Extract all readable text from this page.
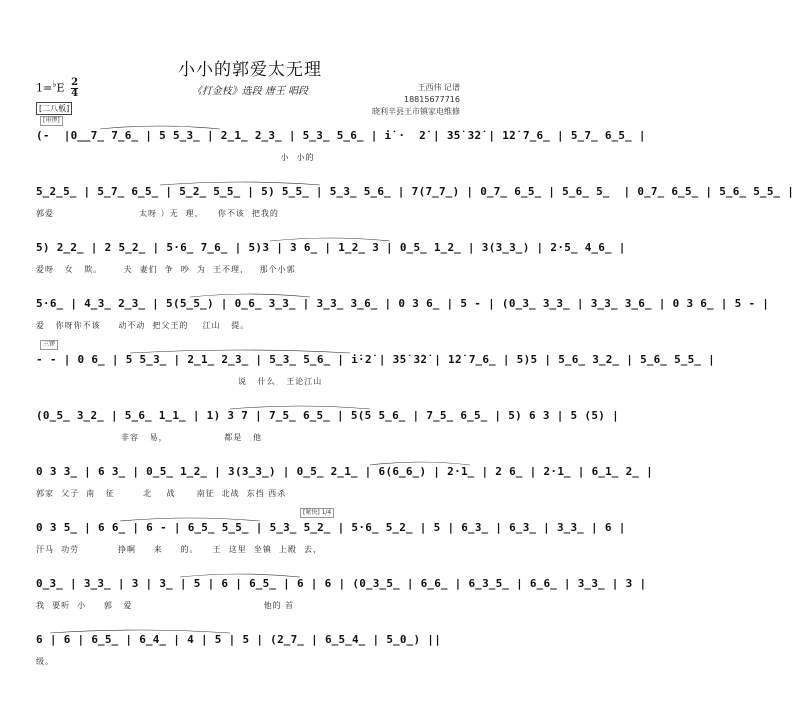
小小的郭爱太无理
$1=^♭E \frac{2}{4}$	《打金枝》选段 唐王 唱段	王西伟 记谱
18815677716
晓利辛县王市镇家电维修
[二八板]
[串锣]
(-  |0̲̲7̲ 7̲6̲ | 5 5̲3̲ | 2̲1̲ 2̲3̲ | 5̲3̲ 5̲6̲ | i̇ ·  2̇ | 3̇5̇ 3̇2̇ | 1̇2̇ 7̲6̲ | 5̲7̲ 6̲5̲ |
小  小的
5̲2̲5̲ | 5̲7̲ 6̲5̲ | 5̲2̲ 5̲5̲ | 5) 5̲5̲ | 5̲3̲ 5̲6̲ | 7(7̲7̲) | 0̲7̲ 6̲5̲ | 5̲6̲ 5̲  | 0̲7̲ 6̲5̲ | 5̲6̲ 5̲5̲ |
郭爱                        太呀 ）无  理，    你不该  把我的
5) 2̲2̲ | 2 5̲2̲ | 5·6̲ 7̲6̲ | 5)3 | 3 6̲ | 1̲2̲ 3 | 0̲5̲ 1̲2̲ | 3(3̲3̲) | 2·5̲ 4̲6̲ |
爱呀   女   欺。      夫  妻们  争  吵  为  王不理，   那个小郭
5·6̲ | 4̲3̲ 2̲3̲ | 5(5̲5̲) | 0̲6̲ 3̲3̲ | 3̲3̲ 3̲6̲ | 0 3 6̲ | 5 - | (0̲3̲ 3̲3̲ | 3̲3̲ 3̲6̲ | 0 3 6̲ | 5 - |
爱   你呀你不该     动不动  把父王的    江山   提。
三锣
- - | 0 6̲ | 5 5̲3̲ | 2̲1̲ 2̲3̲ | 5̲3̲ 5̲6̲ | i̇·2̇ | 3̇5̇ 3̇2̇ | 1̇2̇ 7̲6̲ | 5)5 | 5̲6̲ 3̲2̲ | 5̲6̲ 5̲5̲ |
说   什么   王论江山
(0̲5̲ 3̲2̲ | 5̲6̲ 1̲1̲ | 1) 3 7 | 7̲5̲ 6̲5̲ | 5(5 5̲6̲ | 7̲5̲ 6̲5̲ | 5) 6 3 | 5 (5) |
非容   易，                都是   他
0 3 3̲ | 6 3̲ | 0̲5̲ 1̲2̲ | 3(3̲3̲) | 0̲5̲ 2̲1̲ | 6(6̲6̲) | 2·1̲ | 2 6̲ | 2·1̲ | 6̲1̲ 2̲ |
郭家  父子  南   征        北    战      南征  北战  东挡 西杀
[紧快] 1/4
0 3 5̲ | 6 6̲ | 6 - | 6̲5̲ 5̲5̲ | 5̲3̲ 5̲2̲ | 5·6̲ 5̲2̲ | 5 | 6̲3̲ | 6̲3̲ | 3̲3̲ | 6 |
汗马  功劳           挣啊     来     的。    王  这里  坐镇  上殿  去，
0̲3̲ | 3̲3̲ | 3 | 3̲ | 5 | 6 | 6̲5̲ | 6 | 6 | (0̲3̲5̲ | 6̲6̲ | 6̲3̲5̲ | 6̲6̲ | 3̲3̲ | 3 |
我  要听  小     郭   爱                                     他的 首
6 | 6 | 6̲5̲ | 6̲4̲ | 4 | 5 | 5 | (2̲7̲ | 6̲5̲4̲ | 5̲0̲) ||
级。
